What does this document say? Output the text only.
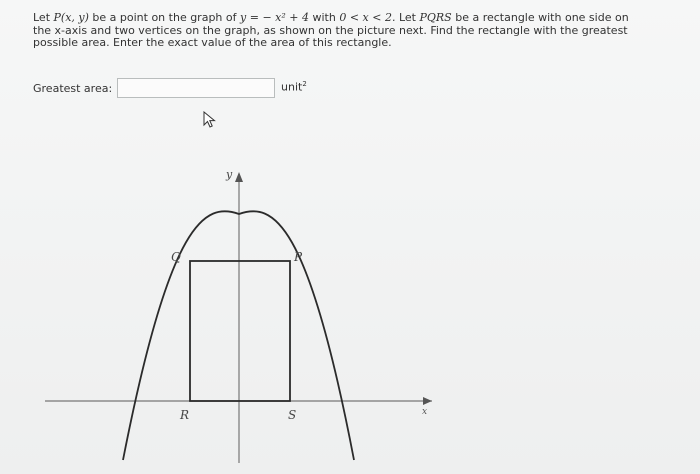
Let P(x, y) be a point on the graph of y = − x² + 4 with 0 < x < 2. Let PQRS be a rectangle with one side on the x-axis and two vertices on the graph, as shown on the picture next. Find the rectangle with the greatest possible area. Enter the exact value of the area of this rectangle.
Greatest area:	unit$^2$
y
x
Q	P
R	S
